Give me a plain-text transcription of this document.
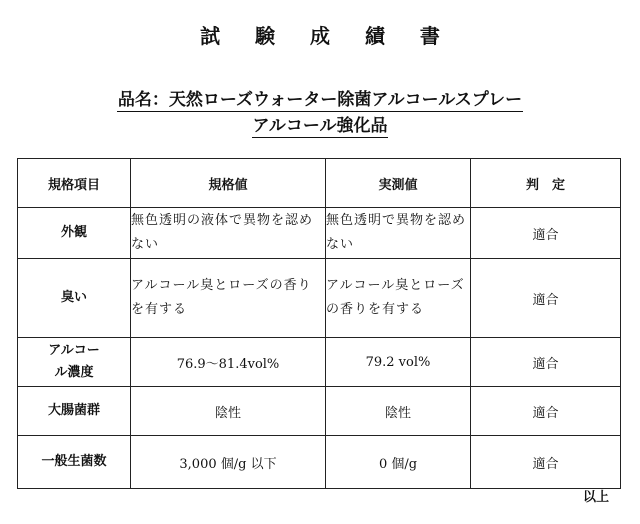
試 験 成 績 書
品名：天然ローズウォーター除菌アルコールスプレー
アルコール強化品
規格項目	規格値	実測値	判　定
外観	無色透明の液体で異物を認めない	無色透明で異物を認めない	適合
臭い	アルコール臭とローズの香りを有する	アルコール臭とローズの香りを有する	適合

アルコール濃度	76.9～81.4vol%	79.2 vol%	適合
大腸菌群	陰性	陰性	適合
一般生菌数	3,000 個/g 以下	0 個/g	適合
以上
